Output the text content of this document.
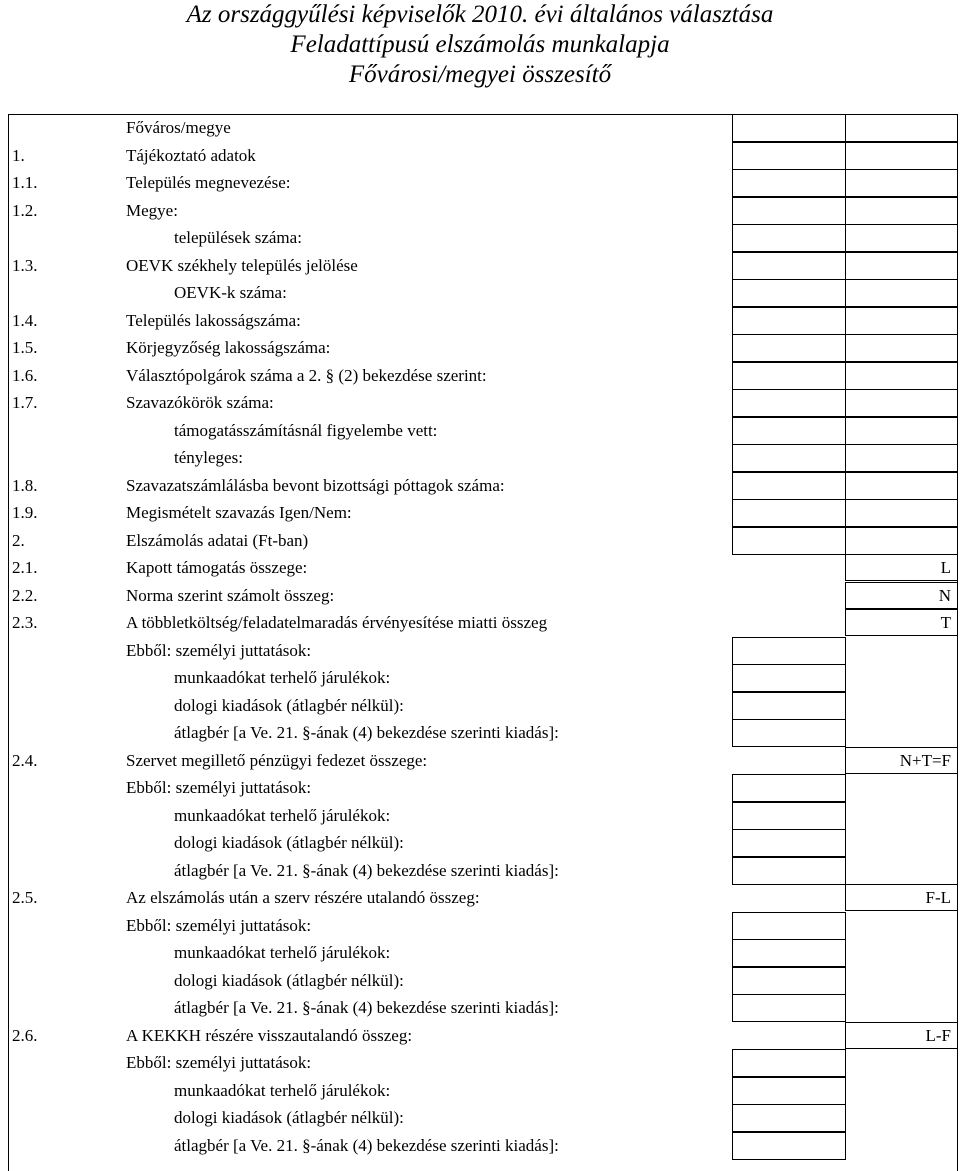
Az országgyűlési képviselők 2010. évi általános választása
Feladattípusú elszámolás munkalapja
Fővárosi/megyei összesítő
Főváros/megye
1.	Tájékoztató adatok
1.1.	Település megnevezése:
1.2.	Megye:
települések száma:
1.3.	OEVK székhely település jelölése
OEVK-k száma:
1.4.	Település lakosságszáma:
1.5.	Körjegyzőség lakosságszáma:
1.6.	Választópolgárok száma a 2. § (2) bekezdése szerint:
1.7.	Szavazókörök száma:
támogatásszámításnál figyelembe vett:
tényleges:
1.8.	Szavazatszámlálásba bevont bizottsági póttagok száma:
1.9.	Megismételt szavazás Igen/Nem:
2.	Elszámolás adatai (Ft-ban)
2.1.	Kapott támogatás összege:	L
2.2.	Norma szerint számolt összeg:	N
2.3.	A többletköltség/feladatelmaradás érvényesítése miatti összeg	T
Ebből: személyi juttatások:
munkaadókat terhelő járulékok:
dologi kiadások (átlagbér nélkül):
átlagbér [a Ve. 21. §-ának (4) bekezdése szerinti kiadás]:
2.4.	Szervet megillető pénzügyi fedezet összege:	N+T=F
Ebből: személyi juttatások:
munkaadókat terhelő járulékok:
dologi kiadások (átlagbér nélkül):
átlagbér [a Ve. 21. §-ának (4) bekezdése szerinti kiadás]:
2.5.	Az elszámolás után a szerv részére utalandó összeg:	F-L
Ebből: személyi juttatások:
munkaadókat terhelő járulékok:
dologi kiadások (átlagbér nélkül):
átlagbér [a Ve. 21. §-ának (4) bekezdése szerinti kiadás]:
2.6.	A KEKKH részére visszautalandó összeg:	L-F
Ebből: személyi juttatások:
munkaadókat terhelő járulékok:
dologi kiadások (átlagbér nélkül):
átlagbér [a Ve. 21. §-ának (4) bekezdése szerinti kiadás]:
